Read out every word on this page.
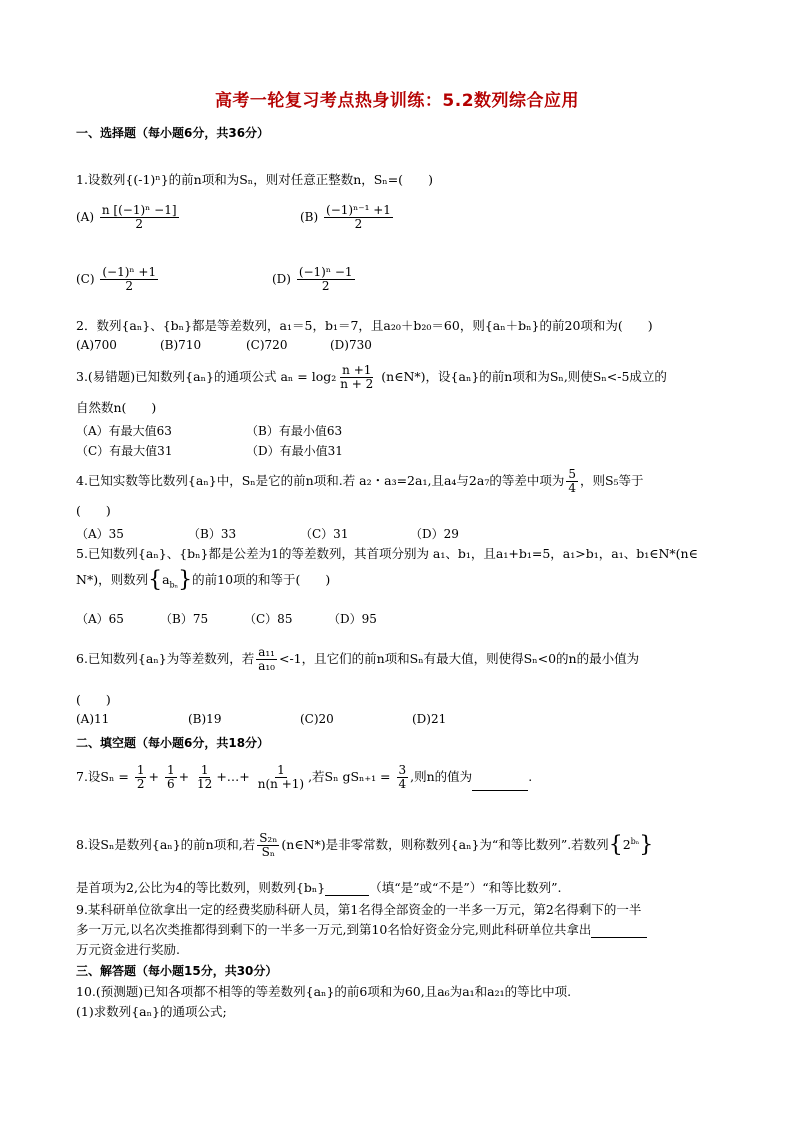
高考一轮复习考点热身训练：5.2数列综合应用
一、选择题（每小题6分，共36分）
1.设数列{(-1)ⁿ}的前n项和为Sₙ，则对任意正整数n，Sₙ=(　　)
$(A) \frac{\text{n [(−1)ⁿ −1]}}{2}$	$(B) \frac{\text{(−1)ⁿ⁻¹ +1}}{2}$
$(C) \frac{\text{(−1)ⁿ +1}}{2}$	$(D) \frac{\text{(−1)ⁿ −1}}{2}$
2．数列{aₙ}、{bₙ}都是等差数列，a₁＝5，b₁＝7，且a₂₀＋b₂₀＝60，则{aₙ＋bₙ}的前20项和为(　　)
(A)700	(B)710	(C)720	(D)730
3.(易错题)已知数列{aₙ}的通项公式 $a_n = \log_2 \frac{n +1}{n + 2}$ (n∈N*)，设{aₙ}的前n项和为Sₙ,则使Sₙ<-5成立的
自然数n(　　)
（A）有最大值63	（B）有最小值63
（C）有最大值31	（D）有最小值31
4.已知实数等比数列{aₙ}中，Sₙ是它的前n项和.若 a₂・a₃=2a₁,且a₄与2a₇的等差中项为 $\frac{5}{4}$ ，则S₅等于
(　　)
（A）35	（B）33	（C）31	（D）29
5.已知数列{aₙ}、{bₙ}都是公差为1的等差数列，其首项分别为 a₁、b₁，且a₁+b₁=5，a₁>b₁，a₁、b₁∈N*(n∈
N*)，则数列$\{a_{b_n}\}$的前10项的和等于(　　)
（A）65	（B）75	（C）85	（D）95
6.已知数列{aₙ}为等差数列，若 $\frac{\text{a₁₁}}{\text{a₁₀}} <-1$，且它们的前n项和Sₙ有最大值，则使得Sₙ<0的n的最小值为
(　　)
(A)11	(B)19	(C)20	(D)21
二、填空题（每小题6分，共18分）
7.设$S_n = \frac{1}{2} + \frac{1}{6} + \frac{1}{12}$ +…+ $\frac{1}{n(n +1)}$ ,若Sₙ $gS_{n+1} = \frac{3}{4}$ ,则n的值为	.
8.设Sₙ是数列{aₙ}的前n项和,若 $\frac{\text{S₂ₙ}}{\text{Sₙ}}$ (n∈N*)是非零常数，则称数列{aₙ}为“和等比数列”.若数列$\{2^{b_n}\}$
是首项为2,公比为4的等比数列，则数列{bₙ}	（填“是”或“不是”）“和等比数列”.
9.某科研单位欲拿出一定的经费奖励科研人员，第1名得全部资金的一半多一万元，第2名得剩下的一半
多一万元,以名次类推都得到剩下的一半多一万元,到第10名恰好资金分完,则此科研单位共拿出
万元资金进行奖励.
三、解答题（每小题15分，共30分）
10.(预测题)已知各项都不相等的等差数列{aₙ}的前6项和为60,且a₆为a₁和a₂₁的等比中项.
(1)求数列{aₙ}的通项公式;
